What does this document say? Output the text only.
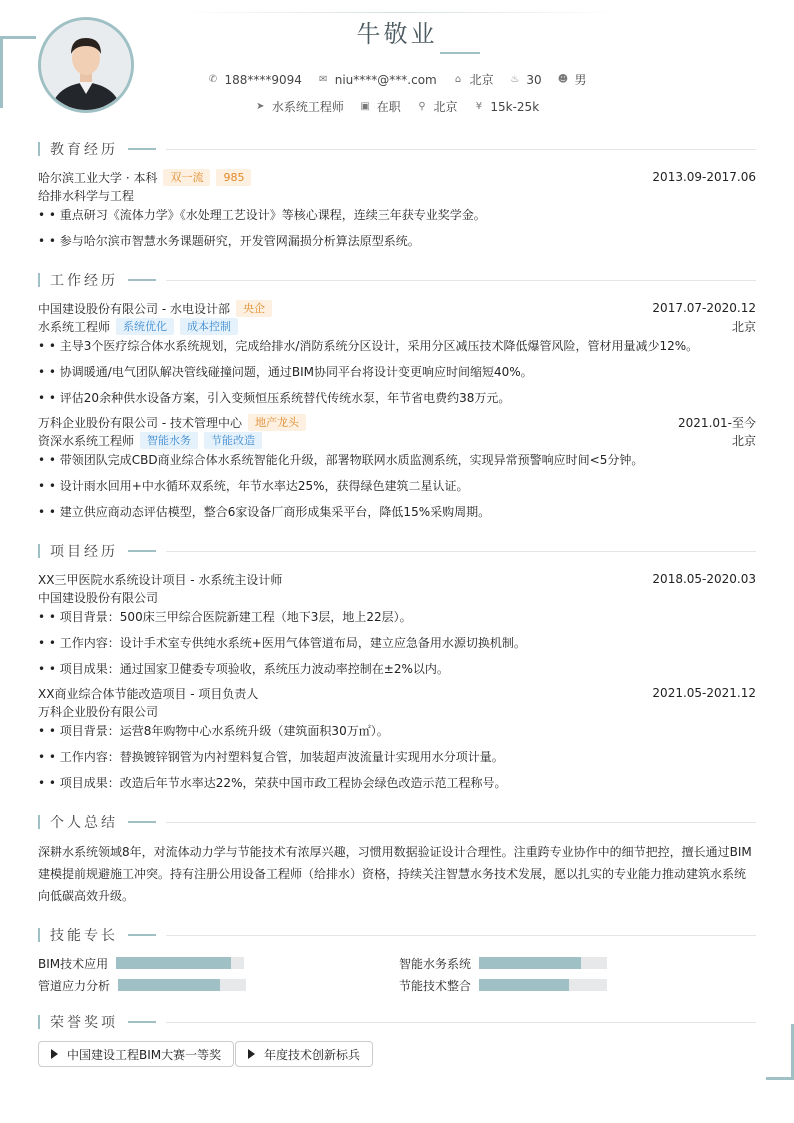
牛敬业
✆ 188****9094
✉ niu****@***.com
⌂ 北京
♨ 30
☻ 男
➤ 水系统工程师
▣ 在职
⚲ 北京
¥ 15k-25k
教育经历
哈尔滨工业大学 · 本科	双一流	985	2013.09-2017.06
给排水科学与工程
• • 重点研习《流体力学》《水处理工艺设计》等核心课程，连续三年获专业奖学金。
• • 参与哈尔滨市智慧水务课题研究，开发管网漏损分析算法原型系统。
工作经历
中国建设股份有限公司 - 水电设计部	央企	2017.07-2020.12
水系统工程师	系统优化	成本控制	北京
• • 主导3个医疗综合体水系统规划，完成给排水/消防系统分区设计，采用分区减压技术降低爆管风险，管材用量减少12%。
• • 协调暖通/电气团队解决管线碰撞问题，通过BIM协同平台将设计变更响应时间缩短40%。
• • 评估20余种供水设备方案，引入变频恒压系统替代传统水泵，年节省电费约38万元。
万科企业股份有限公司 - 技术管理中心	地产龙头	2021.01-至今
资深水系统工程师	智能水务	节能改造	北京
• • 带领团队完成CBD商业综合体水系统智能化升级，部署物联网水质监测系统，实现异常预警响应时间<5分钟。
• • 设计雨水回用+中水循环双系统，年节水率达25%，获得绿色建筑二星认证。
• • 建立供应商动态评估模型，整合6家设备厂商形成集采平台，降低15%采购周期。
项目经历
XX三甲医院水系统设计项目 - 水系统主设计师	2018.05-2020.03
中国建设股份有限公司
• • 项目背景：500床三甲综合医院新建工程（地下3层，地上22层）。
• • 工作内容：设计手术室专供纯水系统+医用气体管道布局，建立应急备用水源切换机制。
• • 项目成果：通过国家卫健委专项验收，系统压力波动率控制在±2%以内。
XX商业综合体节能改造项目 - 项目负责人	2021.05-2021.12
万科企业股份有限公司
• • 项目背景：运营8年购物中心水系统升级（建筑面积30万㎡）。
• • 工作内容：替换镀锌钢管为内衬塑料复合管，加装超声波流量计实现用水分项计量。
• • 项目成果：改造后年节水率达22%，荣获中国市政工程协会绿色改造示范工程称号。
个人总结
深耕水系统领域8年，对流体动力学与节能技术有浓厚兴趣，习惯用数据验证设计合理性。注重跨专业协作中的细节把控，擅长通过BIM建模提前规避施工冲突。持有注册公用设备工程师（给排水）资格，持续关注智慧水务技术发展，愿以扎实的专业能力推动建筑水系统向低碳高效升级。
技能专长
BIM技术应用	智能水务系统
管道应力分析	节能技术整合
荣誉奖项
中国建设工程BIM大赛一等奖	年度技术创新标兵
